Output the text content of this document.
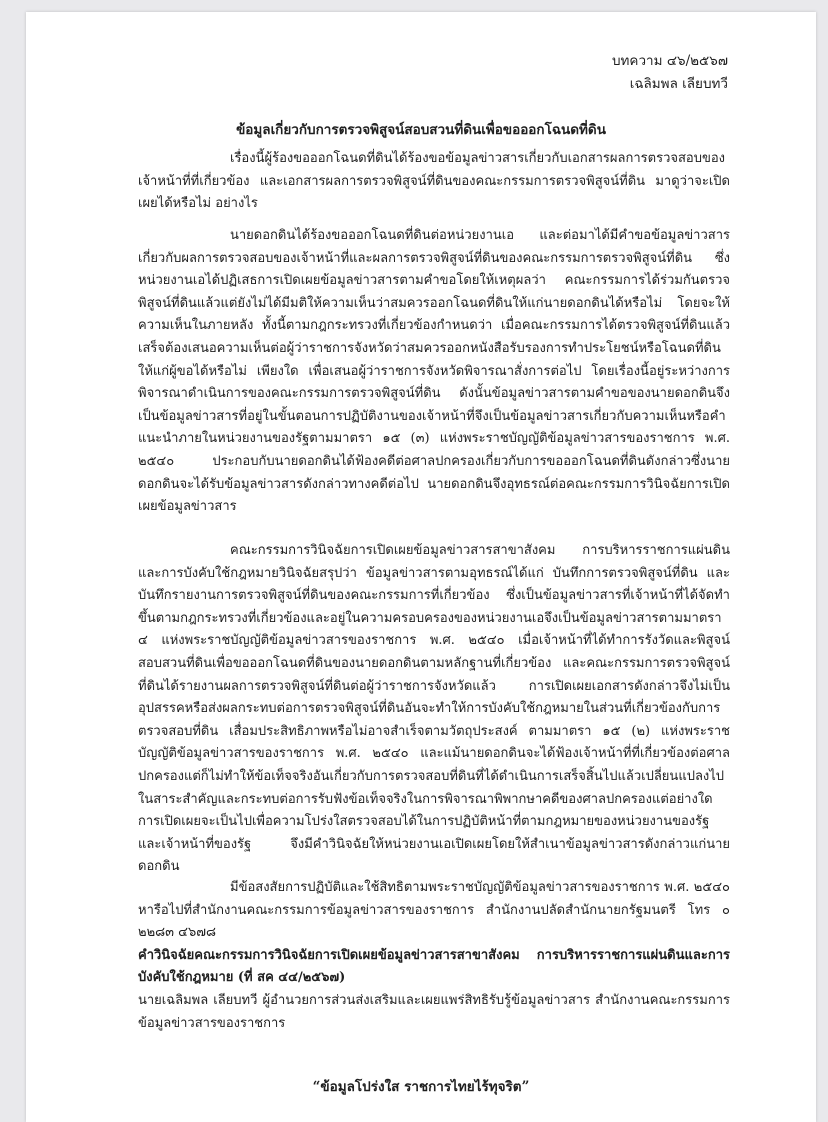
บทความ ๔๖/๒๕๖๗
เฉลิมพล เลียบทวี
ข้อมูลเกี่ยวกับการตรวจพิสูจน์สอบสวนที่ดินเพื่อขอออกโฉนดที่ดิน

เรื่องนี้ผู้ร้องขอออกโฉนดที่ดินได้ร้องขอข้อมูลข่าวสารเกี่ยวกับเอกสารผลการตรวจสอบของเจ้าหน้าที่ที่เกี่ยวข้อง และเอกสารผลการตรวจพิสูจน์ที่ดินของคณะกรรมการตรวจพิสูจน์ที่ดิน มาดูว่าจะเปิดเผยได้หรือไม่ อย่างไร

นายดอกดินได้ร้องขอออกโฉนดที่ดินต่อหน่วยงานเอ และต่อมาได้มีคำขอข้อมูลข่าวสารเกี่ยวกับผลการตรวจสอบของเจ้าหน้าที่และผลการตรวจพิสูจน์ที่ดินของคณะกรรมการตรวจพิสูจน์ที่ดิน ซึ่งหน่วยงานเอได้ปฏิเสธการเปิดเผยข้อมูลข่าวสารตามคำขอโดยให้เหตุผลว่า คณะกรรมการได้ร่วมกันตรวจพิสูจน์ที่ดินแล้วแต่ยังไม่ได้มีมติให้ความเห็นว่าสมควรออกโฉนดที่ดินให้แก่นายดอกดินได้หรือไม่ โดยจะให้ความเห็นในภายหลัง ทั้งนี้ตามกฎกระทรวงที่เกี่ยวข้องกำหนดว่า เมื่อคณะกรรมการได้ตรวจพิสูจน์ที่ดินแล้วเสร็จต้องเสนอความเห็นต่อผู้ว่าราชการจังหวัดว่าสมควรออกหนังสือรับรองการทำประโยชน์หรือโฉนดที่ดินให้แก่ผู้ขอได้หรือไม่ เพียงใด เพื่อเสนอผู้ว่าราชการจังหวัดพิจารณาสั่งการต่อไป โดยเรื่องนี้อยู่ระหว่างการพิจารณาดำเนินการของคณะกรรมการตรวจพิสูจน์ที่ดิน ดังนั้นข้อมูลข่าวสารตามคำขอของนายดอกดินจึงเป็นข้อมูลข่าวสารที่อยู่ในขั้นตอนการปฏิบัติงานของเจ้าหน้าที่จึงเป็นข้อมูลข่าวสารเกี่ยวกับความเห็นหรือคำแนะนำภายในหน่วยงานของรัฐตามมาตรา ๑๕ (๓) แห่งพระราชบัญญัติข้อมูลข่าวสารของราชการ พ.ศ. ๒๕๔๐ ประกอบกับนายดอกดินได้ฟ้องคดีต่อศาลปกครองเกี่ยวกับการขอออกโฉนดที่ดินดังกล่าวซึ่งนายดอกดินจะได้รับข้อมูลข่าวสารดังกล่าวทางคดีต่อไป นายดอกดินจึงอุทธรณ์ต่อคณะกรรมการวินิจฉัยการเปิดเผยข้อมูลข่าวสาร

คณะกรรมการวินิจฉัยการเปิดเผยข้อมูลข่าวสารสาขาสังคม การบริหารราชการแผ่นดินและการบังคับใช้กฎหมายวินิจฉัยสรุปว่า ข้อมูลข่าวสารตามอุทธรณ์ได้แก่ บันทึกการตรวจพิสูจน์ที่ดิน และบันทึกรายงานการตรวจพิสูจน์ที่ดินของคณะกรรมการที่เกี่ยวข้อง ซึ่งเป็นข้อมูลข่าวสารที่เจ้าหน้าที่ได้จัดทำขึ้นตามกฎกระทรวงที่เกี่ยวข้องและอยู่ในความครอบครองของหน่วยงานเอจึงเป็นข้อมูลข่าวสารตามมาตรา ๔ แห่งพระราชบัญญัติข้อมูลข่าวสารของราชการ พ.ศ. ๒๕๔๐ เมื่อเจ้าหน้าที่ได้ทำการรังวัดและพิสูจน์สอบสวนที่ดินเพื่อขอออกโฉนดที่ดินของนายดอกดินตามหลักฐานที่เกี่ยวข้อง และคณะกรรมการตรวจพิสูจน์ที่ดินได้รายงานผลการตรวจพิสูจน์ที่ดินต่อผู้ว่าราชการจังหวัดแล้ว การเปิดเผยเอกสารดังกล่าวจึงไม่เป็นอุปสรรคหรือส่งผลกระทบต่อการตรวจพิสูจน์ที่ดินอันจะทำให้การบังคับใช้กฎหมายในส่วนที่เกี่ยวข้องกับการตรวจสอบที่ดิน เสื่อมประสิทธิภาพหรือไม่อาจสำเร็จตามวัตถุประสงค์ ตามมาตรา ๑๕ (๒) แห่งพระราชบัญญัติข้อมูลข่าวสารของราชการ พ.ศ. ๒๕๔๐ และแม้นายดอกดินจะได้ฟ้องเจ้าหน้าที่ที่เกี่ยวข้องต่อศาลปกครองแต่ก็ไม่ทำให้ข้อเท็จจริงอันเกี่ยวกับการตรวจสอบที่ดินที่ได้ดำเนินการเสร็จสิ้นไปแล้วเปลี่ยนแปลงไปในสาระสำคัญและกระทบต่อการรับฟังข้อเท็จจริงในการพิจารณาพิพากษาคดีของศาลปกครองแต่อย่างใด การเปิดเผยจะเป็นไปเพื่อความโปร่งใสตรวจสอบได้ในการปฏิบัติหน้าที่ตามกฎหมายของหน่วยงานของรัฐและเจ้าหน้าที่ของรัฐ จึงมีคำวินิจฉัยให้หน่วยงานเอเปิดเผยโดยให้สำเนาข้อมูลข่าวสารดังกล่าวแก่นายดอกดิน

มีข้อสงสัยการปฏิบัติและใช้สิทธิตามพระราชบัญญัติข้อมูลข่าวสารของราชการ พ.ศ. ๒๕๔๐ หารือไปที่สำนักงานคณะกรรมการข้อมูลข่าวสารของราชการ สำนักงานปลัดสำนักนายกรัฐมนตรี โทร ๐ ๒๒๘๓ ๔๖๗๘

คำวินิจฉัยคณะกรรมการวินิจฉัยการเปิดเผยข้อมูลข่าวสารสาขาสังคม การบริหารราชการแผ่นดินและการบังคับใช้กฎหมาย (ที่ สค ๔๔/๒๕๖๗)

นายเฉลิมพล เลียบทวี ผู้อำนวยการส่วนส่งเสริมและเผยแพร่สิทธิรับรู้ข้อมูลข่าวสาร สำนักงานคณะกรรมการข้อมูลข่าวสารของราชการ

“ข้อมูลโปร่งใส ราชการไทยไร้ทุจริต”
